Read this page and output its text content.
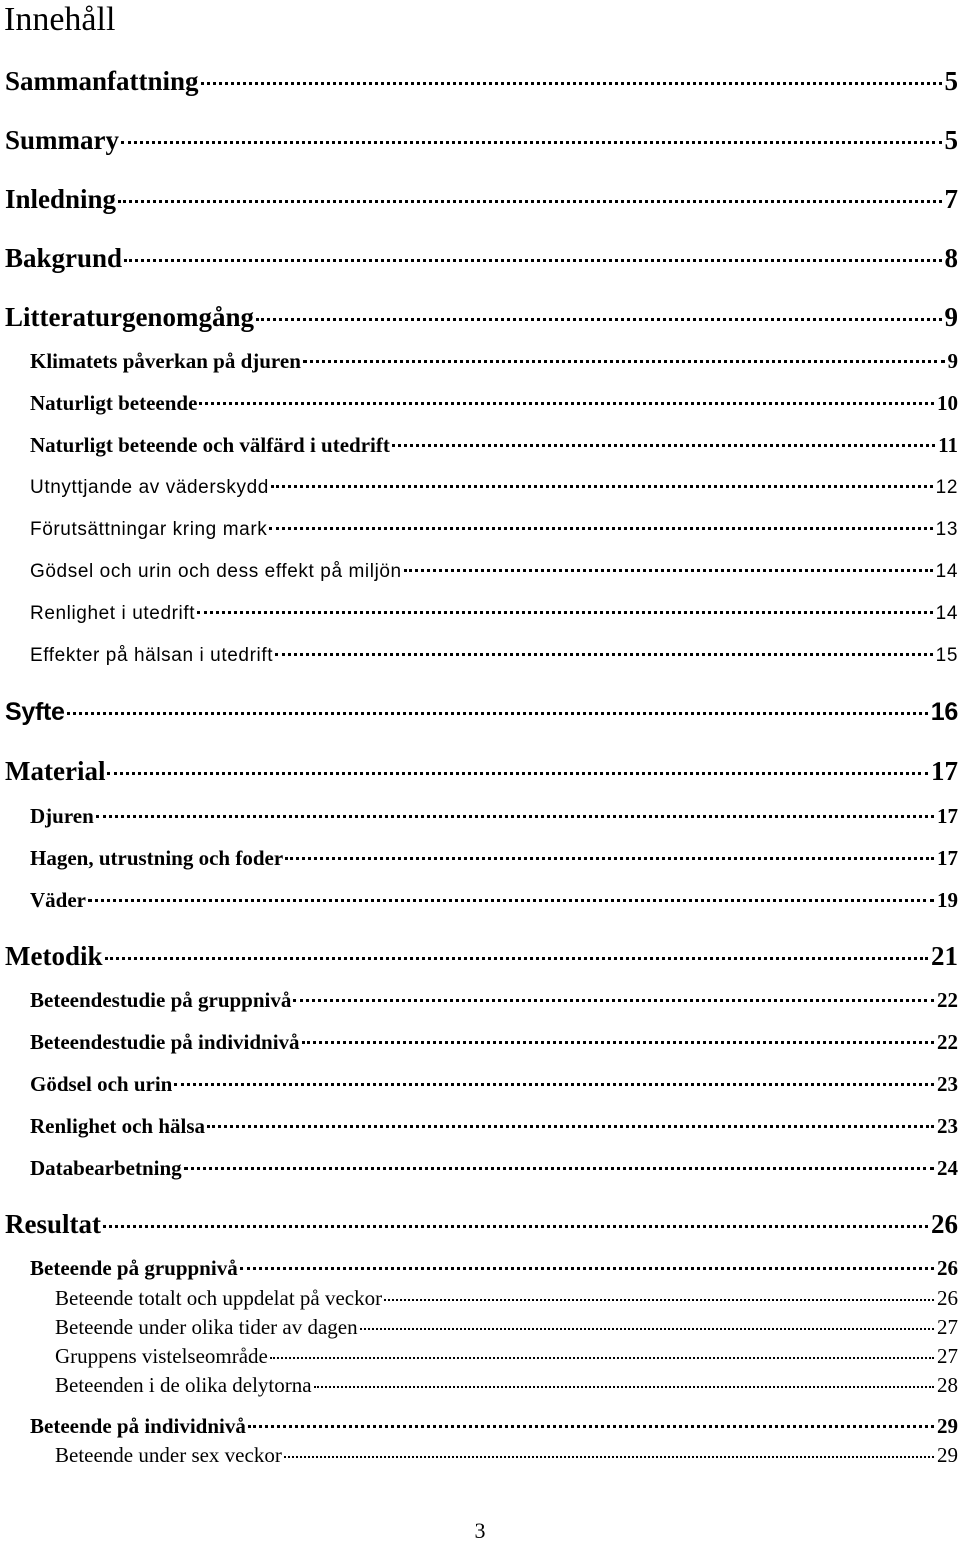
Innehåll
Sammanfattning	5
Summary	5
Inledning	7
Bakgrund	8
Litteraturgenomgång	9
Klimatets påverkan på djuren	9
Naturligt beteende	10
Naturligt beteende och välfärd i utedrift	11
Utnyttjande av väderskydd	12
Förutsättningar kring mark	13
Gödsel och urin och dess effekt på miljön	14
Renlighet i utedrift	14
Effekter på hälsan i utedrift	15
Syfte	16
Material	17
Djuren	17
Hagen, utrustning och foder	17
Väder	19
Metodik	21
Beteendestudie på gruppnivå	22
Beteendestudie på individnivå	22
Gödsel och urin	23
Renlighet och hälsa	23
Databearbetning	24
Resultat	26
Beteende på gruppnivå	26
Beteende totalt och uppdelat på veckor	26
Beteende under olika tider av dagen	27
Gruppens vistelseområde	27
Beteenden i de olika delytorna	28
Beteende på individnivå	29
Beteende under sex veckor	29
3
